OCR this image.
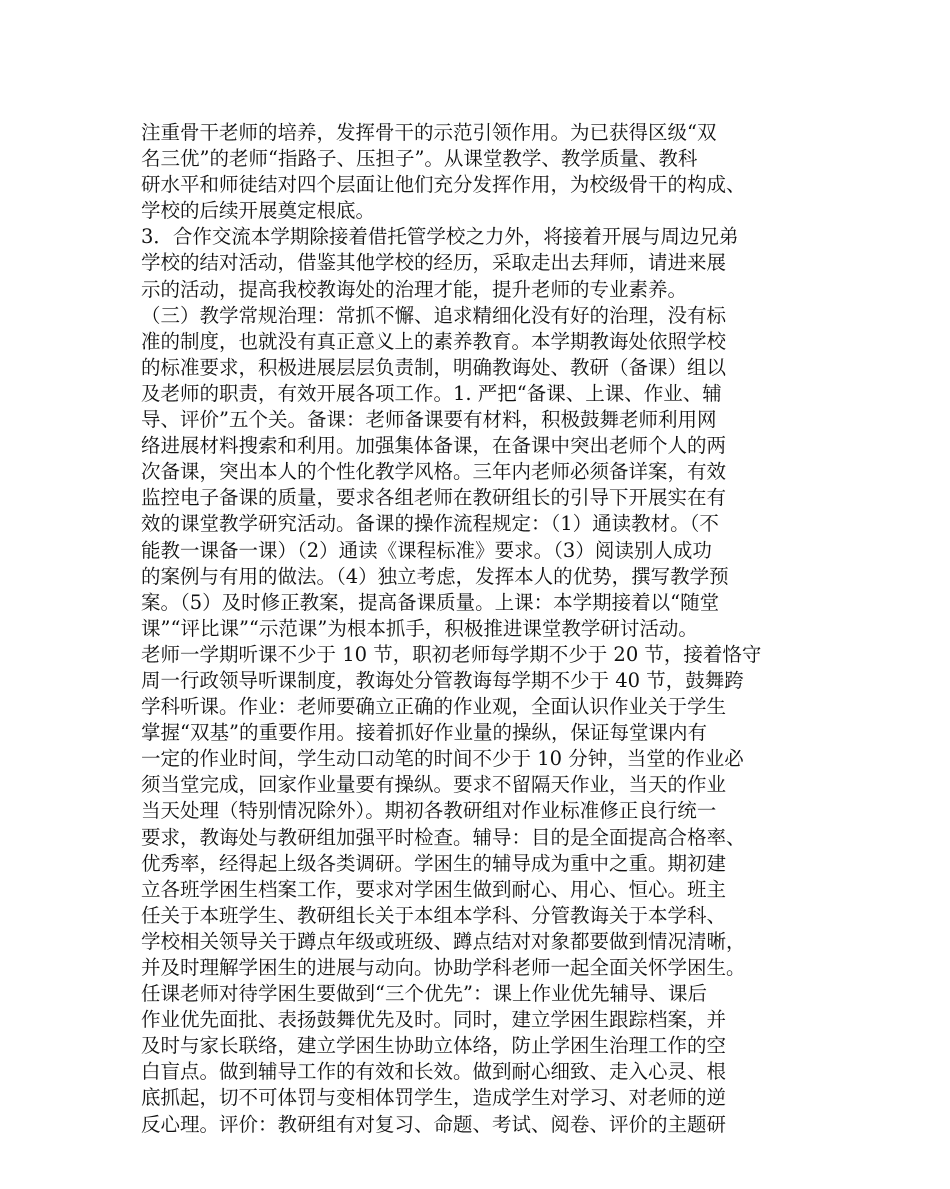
注重骨干老师的培养，发挥骨干的示范引领作用。为已获得区级“双
名三优”的老师“指路子、压担子”。从课堂教学、教学质量、教科
研水平和师徒结对四个层面让他们充分发挥作用，为校级骨干的构成、
学校的后续开展奠定根底。
3．合作交流本学期除接着借托管学校之力外，将接着开展与周边兄弟
学校的结对活动，借鉴其他学校的经历，采取走出去拜师，请进来展
示的活动，提高我校教诲处的治理才能，提升老师的专业素养。
（三）教学常规治理：常抓不懈、追求精细化没有好的治理，没有标
准的制度，也就没有真正意义上的素养教育。本学期教诲处依照学校
的标准要求，积极进展层层负责制，明确教诲处、教研（备课）组以
及老师的职责，有效开展各项工作。1. 严把“备课、上课、作业、辅
导、评价”五个关。备课：老师备课要有材料，积极鼓舞老师利用网
络进展材料搜索和利用。加强集体备课，在备课中突出老师个人的两
次备课，突出本人的个性化教学风格。三年内老师必须备详案，有效
监控电子备课的质量，要求各组老师在教研组长的引导下开展实在有
效的课堂教学研究活动。备课的操作流程规定：（1）通读教材。（不
能教一课备一课）（2）通读《课程标准》要求。（3）阅读别人成功
的案例与有用的做法。（4）独立考虑，发挥本人的优势，撰写教学预
案。（5）及时修正教案，提高备课质量。上课：本学期接着以“随堂
课”“评比课”“示范课”为根本抓手，积极推进课堂教学研讨活动。
老师一学期听课不少于 10 节，职初老师每学期不少于 20 节，接着恪守
周一行政领导听课制度，教诲处分管教诲每学期不少于 40 节，鼓舞跨
学科听课。作业：老师要确立正确的作业观，全面认识作业关于学生
掌握“双基”的重要作用。接着抓好作业量的操纵，保证每堂课内有
一定的作业时间，学生动口动笔的时间不少于 10 分钟，当堂的作业必
须当堂完成，回家作业量要有操纵。要求不留隔天作业，当天的作业
当天处理（特别情况除外）。期初各教研组对作业标准修正良行统一
要求，教诲处与教研组加强平时检查。辅导：目的是全面提高合格率、
优秀率，经得起上级各类调研。学困生的辅导成为重中之重。期初建
立各班学困生档案工作，要求对学困生做到耐心、用心、恒心。班主
任关于本班学生、教研组长关于本组本学科、分管教诲关于本学科、
学校相关领导关于蹲点年级或班级、蹲点结对对象都要做到情况清晰，
并及时理解学困生的进展与动向。协助学科老师一起全面关怀学困生。
任课老师对待学困生要做到“三个优先”：课上作业优先辅导、课后
作业优先面批、表扬鼓舞优先及时。同时，建立学困生跟踪档案，并
及时与家长联络，建立学困生协助立体络，防止学困生治理工作的空
白盲点。做到辅导工作的有效和长效。做到耐心细致、走入心灵、根
底抓起，切不可体罚与变相体罚学生，造成学生对学习、对老师的逆
反心理。评价：教研组有对复习、命题、考试、阅卷、评价的主题研
